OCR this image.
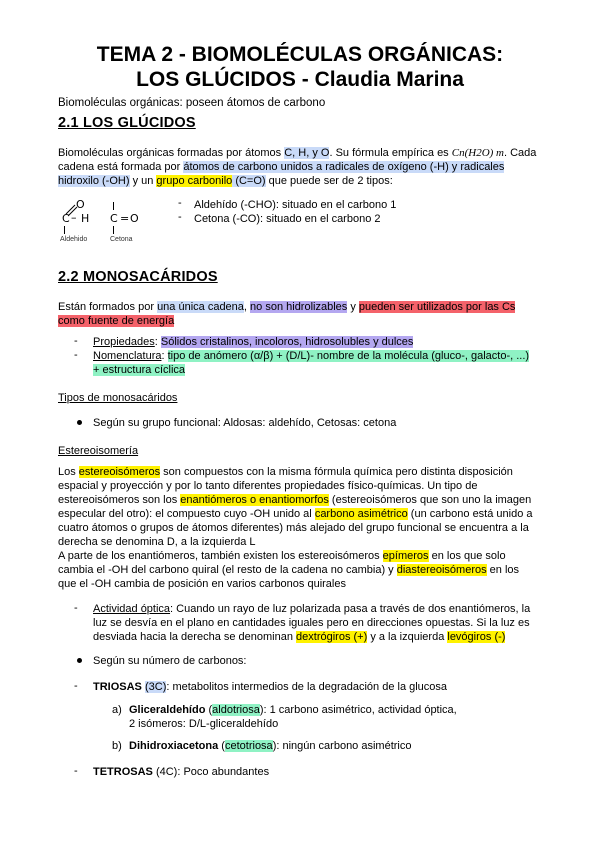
TEMA 2 - BIOMOLÉCULAS ORGÁNICAS:
LOS GLÚCIDOS - Claudia Marina
Biomoléculas orgánicas: poseen átomos de carbono
2.1 LOS GLÚCIDOS
Biomoléculas orgánicas formadas por átomos C, H, y O. Su fórmula empírica es Cn(H2O) m. Cada
cadena está formada por átomos de carbono unidos a radicales de oxígeno (-H) y radicales
hidroxilo (-OH) y un grupo carbonilo (C=O) que puede ser de 2 tipos:
O
C – H
Aldehido
C = O
Cetona
- Aldehído (-CHO): situado en el carbono 1
- Cetona (-CO): situado en el carbono 2
2.2 MONOSACÁRIDOS
Están formados por una única cadena, no son hidrolizables y pueden ser utilizados por las Cs
como fuente de energía
- Propiedades: Sólidos cristalinos, incoloros, hidrosolubles y dulces
- Nomenclatura: tipo de anómero (α/β) + (D/L)- nombre de la molécula (gluco-, galacto-, ...)
+ estructura cíclica
Tipos de monosacáridos
Según su grupo funcional: Aldosas: aldehído, Cetosas: cetona
Estereoisomería
Los estereoisómeros son compuestos con la misma fórmula química pero distinta disposición
espacial y proyección y por lo tanto diferentes propiedades físico-químicas. Un tipo de
estereoisómeros son los enantiómeros o enantiomorfos (estereoisómeros que son uno la imagen
especular del otro): el compuesto cuyo -OH unido al carbono asimétrico (un carbono está unido a
cuatro átomos o grupos de átomos diferentes) más alejado del grupo funcional se encuentra a la
derecha se denomina D, a la izquierda L
A parte de los enantiómeros, también existen los estereoisómeros epímeros en los que solo
cambia el -OH del carbono quiral (el resto de la cadena no cambia) y diastereoisómeros en los
que el -OH cambia de posición en varios carbonos quirales
- Actividad óptica: Cuando un rayo de luz polarizada pasa a través de dos enantiómeros, la
luz se desvía en el plano en cantidades iguales pero en direcciones opuestas. Si la luz es
desviada hacia la derecha se denominan dextrógiros (+) y a la izquierda levógiros (-)
Según su número de carbonos:
- TRIOSAS (3C): metabolitos intermedios de la degradación de la glucosa
a) Gliceraldehído (aldotriosa): 1 carbono asimétrico, actividad óptica,
2 isómeros: D/L-gliceraldehído
b) Dihidroxiacetona (cetotriosa): ningún carbono asimétrico
- TETROSAS (4C): Poco abundantes
